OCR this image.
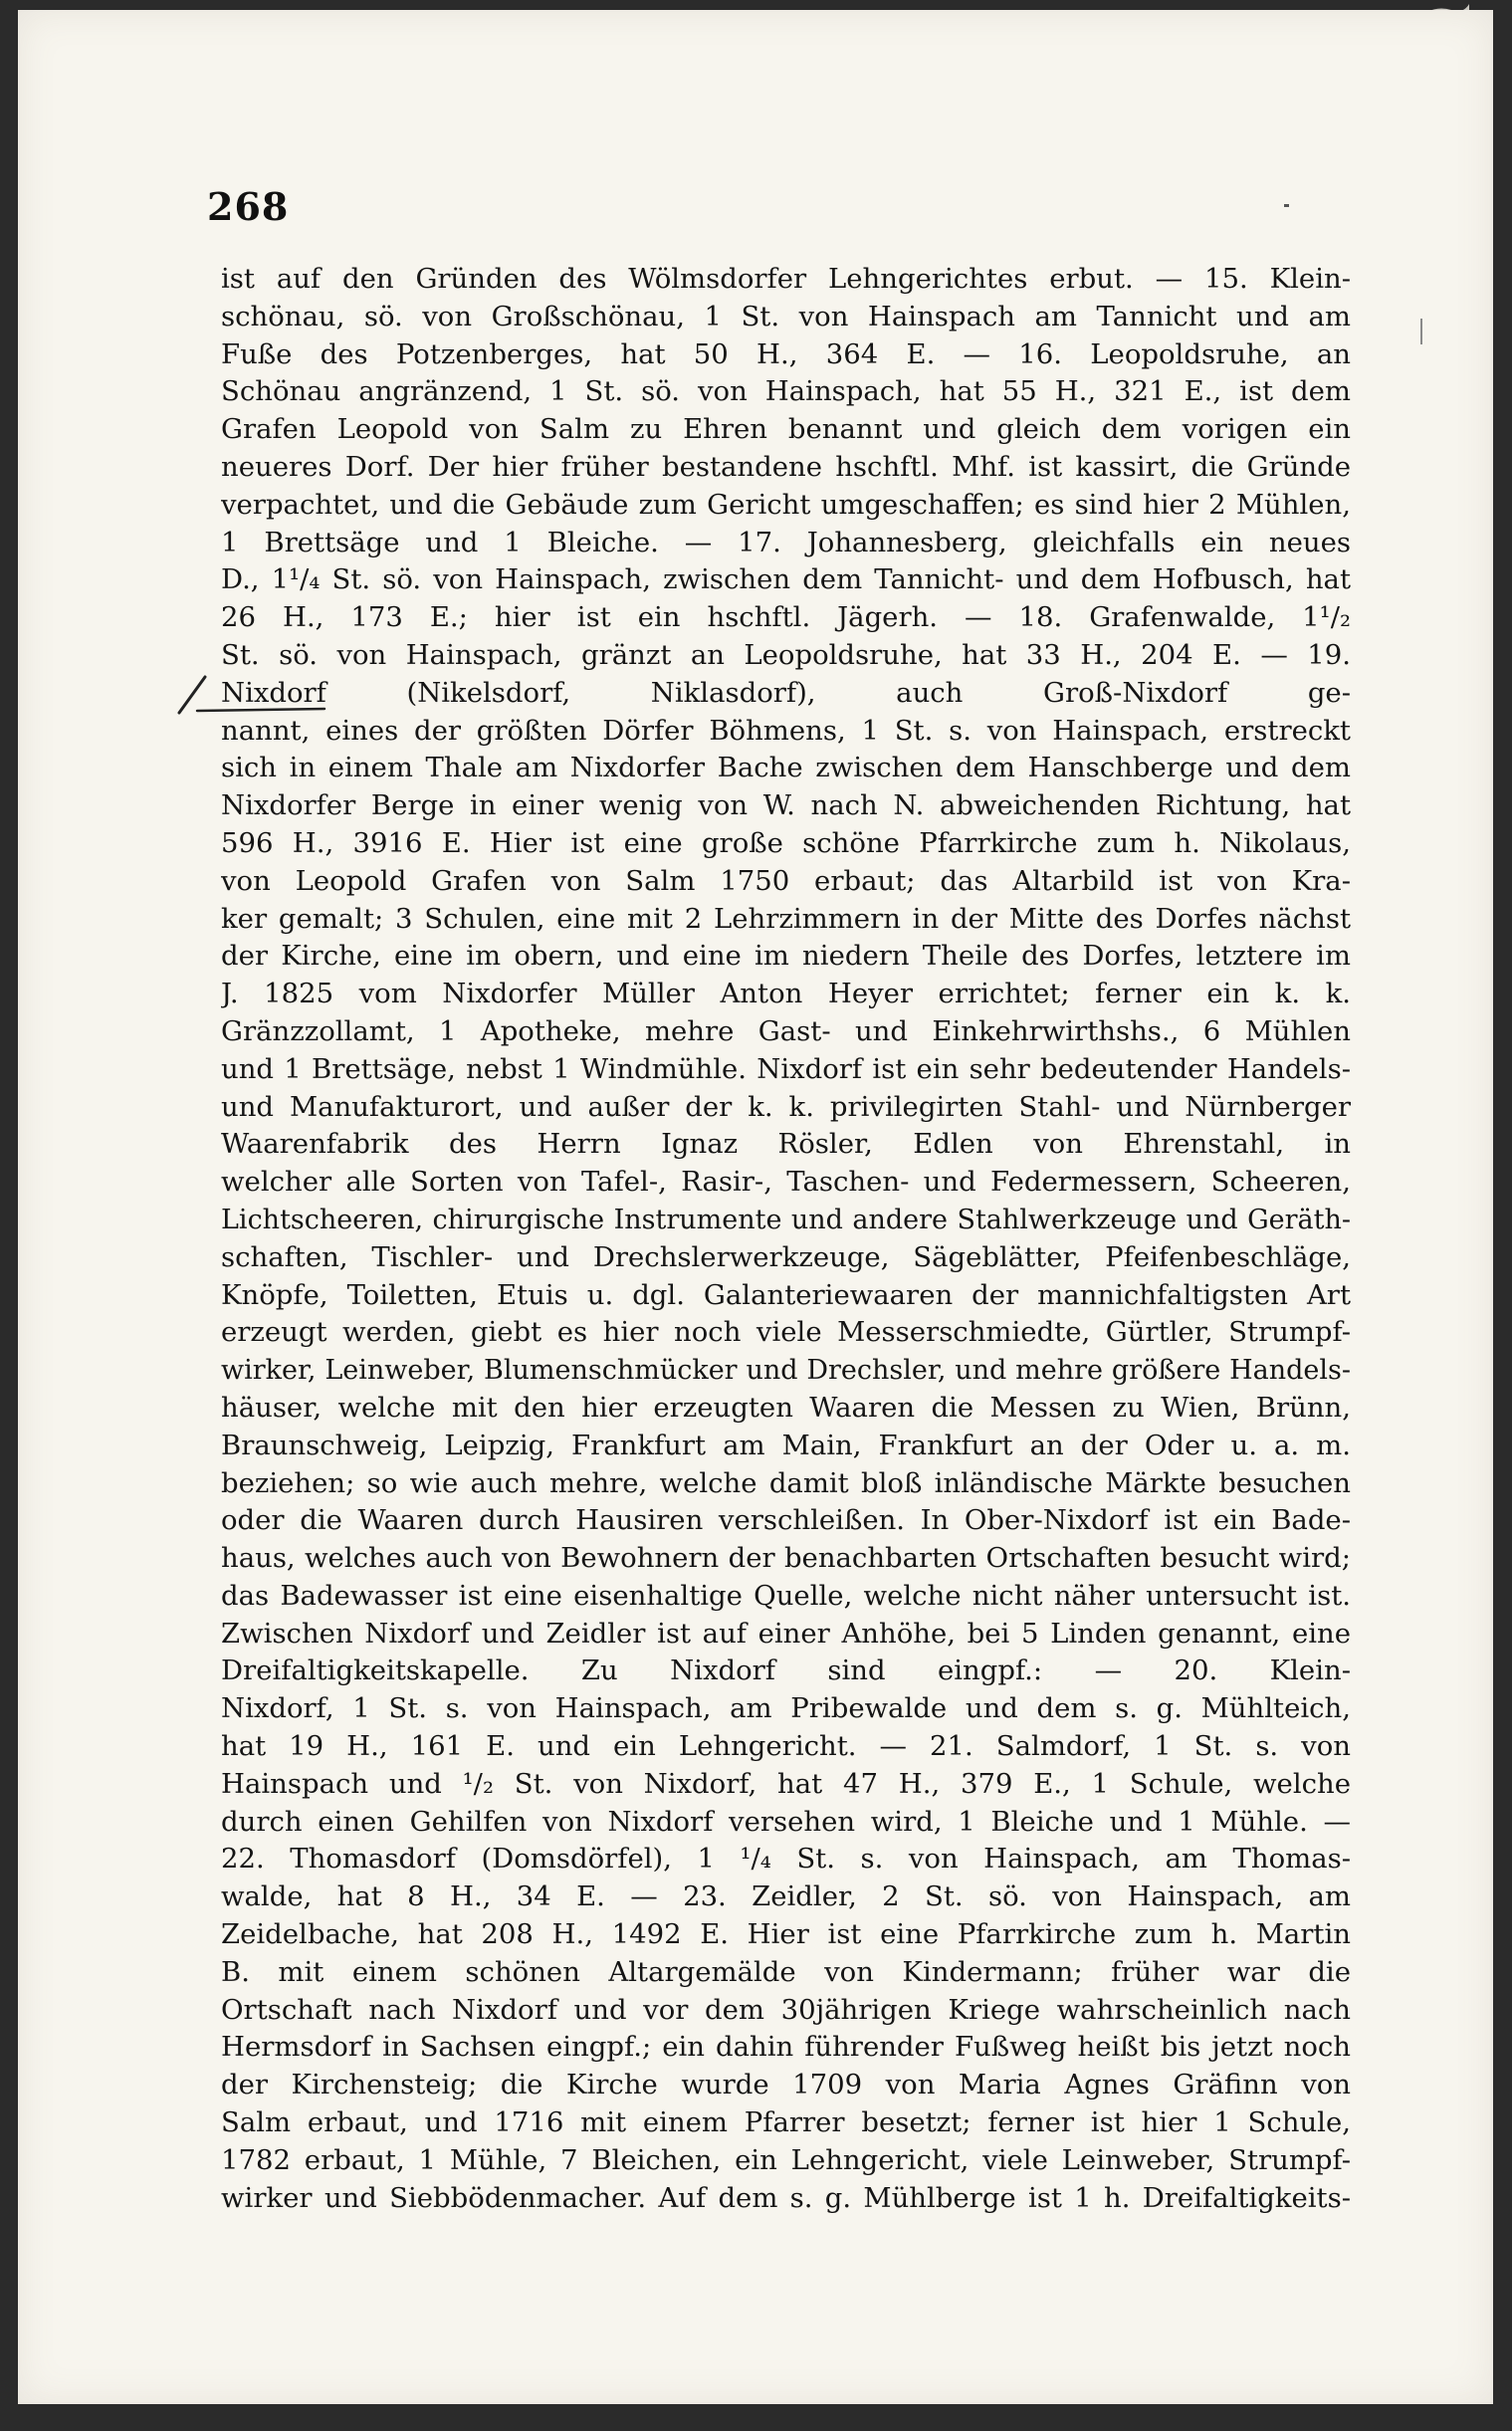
268
ist auf den Gründen des Wölmsdorfer Lehngerichtes erbut. — 15. Klein-
schönau, sö. von Großschönau, 1 St. von Hainspach am Tannicht und am
Fuße des Potzenberges, hat 50 H., 364 E. — 16. Leopoldsruhe, an
Schönau angränzend, 1 St. sö. von Hainspach, hat 55 H., 321 E., ist dem
Grafen Leopold von Salm zu Ehren benannt und gleich dem vorigen ein
neueres Dorf. Der hier früher bestandene hschftl. Mhf. ist kassirt, die Gründe
verpachtet, und die Gebäude zum Gericht umgeschaffen; es sind hier 2 Mühlen,
1 Brettsäge und 1 Bleiche. — 17. Johannesberg, gleichfalls ein neues
D., 1¹/₄ St. sö. von Hainspach, zwischen dem Tannicht- und dem Hofbusch, hat
26 H., 173 E.; hier ist ein hschftl. Jägerh. — 18. Grafenwalde, 1¹/₂
St. sö. von Hainspach, gränzt an Leopoldsruhe, hat 33 H., 204 E. — 19.
Nixdorf (Nikelsdorf, Niklasdorf), auch Groß-Nixdorf ge-
nannt, eines der größten Dörfer Böhmens, 1 St. s. von Hainspach, erstreckt
sich in einem Thale am Nixdorfer Bache zwischen dem Hanschberge und dem
Nixdorfer Berge in einer wenig von W. nach N. abweichenden Richtung, hat
596 H., 3916 E. Hier ist eine große schöne Pfarrkirche zum h. Nikolaus,
von Leopold Grafen von Salm 1750 erbaut; das Altarbild ist von Kra-
ker gemalt; 3 Schulen, eine mit 2 Lehrzimmern in der Mitte des Dorfes nächst
der Kirche, eine im obern, und eine im niedern Theile des Dorfes, letztere im
J. 1825 vom Nixdorfer Müller Anton Heyer errichtet; ferner ein k. k.
Gränzzollamt, 1 Apotheke, mehre Gast- und Einkehrwirthshs., 6 Mühlen
und 1 Brettsäge, nebst 1 Windmühle. Nixdorf ist ein sehr bedeutender Handels-
und Manufakturort, und außer der k. k. privilegirten Stahl- und Nürnberger
Waarenfabrik des Herrn Ignaz Rösler, Edlen von Ehrenstahl, in
welcher alle Sorten von Tafel-, Rasir-, Taschen- und Federmessern, Scheeren,
Lichtscheeren, chirurgische Instrumente und andere Stahlwerkzeuge und Geräth-
schaften, Tischler- und Drechslerwerkzeuge, Sägeblätter, Pfeifenbeschläge,
Knöpfe, Toiletten, Etuis u. dgl. Galanteriewaaren der mannichfaltigsten Art
erzeugt werden, giebt es hier noch viele Messerschmiedte, Gürtler, Strumpf-
wirker, Leinweber, Blumenschmücker und Drechsler, und mehre größere Handels-
häuser, welche mit den hier erzeugten Waaren die Messen zu Wien, Brünn,
Braunschweig, Leipzig, Frankfurt am Main, Frankfurt an der Oder u. a. m.
beziehen; so wie auch mehre, welche damit bloß inländische Märkte besuchen
oder die Waaren durch Hausiren verschleißen. In Ober-Nixdorf ist ein Bade-
haus, welches auch von Bewohnern der benachbarten Ortschaften besucht wird;
das Badewasser ist eine eisenhaltige Quelle, welche nicht näher untersucht ist.
Zwischen Nixdorf und Zeidler ist auf einer Anhöhe, bei 5 Linden genannt, eine
Dreifaltigkeitskapelle. Zu Nixdorf sind eingpf.: — 20. Klein-
Nixdorf, 1 St. s. von Hainspach, am Pribewalde und dem s. g. Mühlteich,
hat 19 H., 161 E. und ein Lehngericht. — 21. Salmdorf, 1 St. s. von
Hainspach und ¹/₂ St. von Nixdorf, hat 47 H., 379 E., 1 Schule, welche
durch einen Gehilfen von Nixdorf versehen wird, 1 Bleiche und 1 Mühle. —
22. Thomasdorf (Domsdörfel), 1 ¹/₄ St. s. von Hainspach, am Thomas-
walde, hat 8 H., 34 E. — 23. Zeidler, 2 St. sö. von Hainspach, am
Zeidelbache, hat 208 H., 1492 E. Hier ist eine Pfarrkirche zum h. Martin
B. mit einem schönen Altargemälde von Kindermann; früher war die
Ortschaft nach Nixdorf und vor dem 30jährigen Kriege wahrscheinlich nach
Hermsdorf in Sachsen eingpf.; ein dahin führender Fußweg heißt bis jetzt noch
der Kirchensteig; die Kirche wurde 1709 von Maria Agnes Gräfinn von
Salm erbaut, und 1716 mit einem Pfarrer besetzt; ferner ist hier 1 Schule,
1782 erbaut, 1 Mühle, 7 Bleichen, ein Lehngericht, viele Leinweber, Strumpf-
wirker und Siebbödenmacher. Auf dem s. g. Mühlberge ist 1 h. Dreifaltigkeits-
